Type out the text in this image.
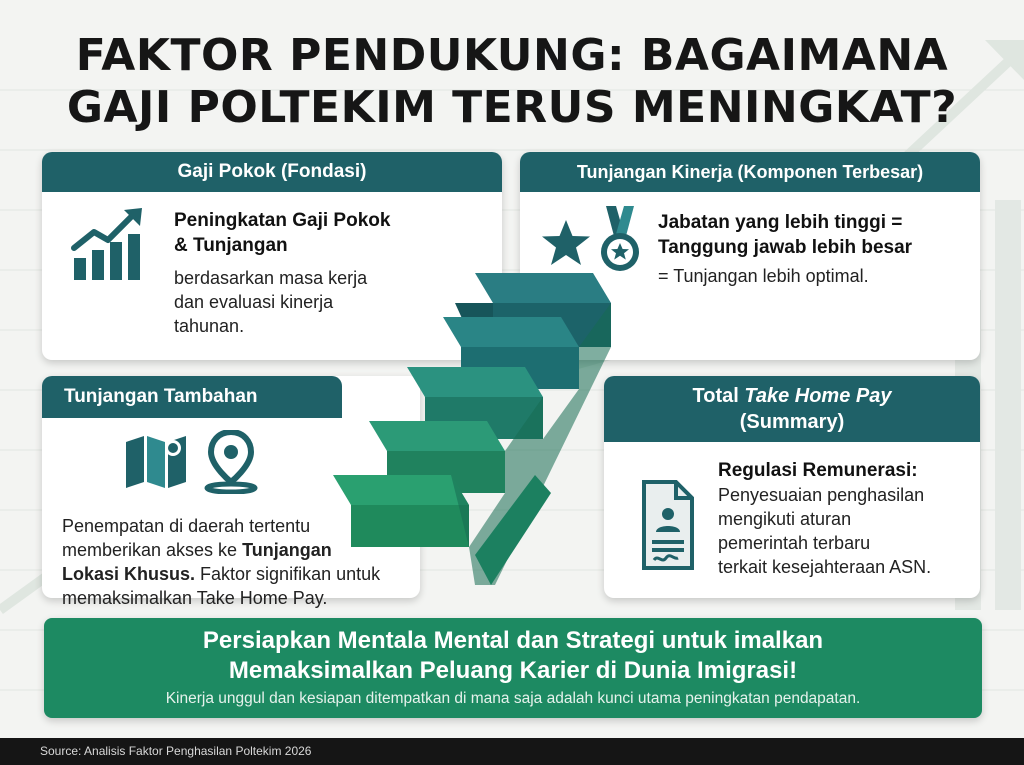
FAKTOR PENDUKUNG: BAGAIMANA
GAJI POLTEKIM TERUS MENINGKAT?
Gaji Pokok (Fondasi)
Peningkatan Gaji Pokok
& Tunjangan
berdasarkan masa kerja
dan evaluasi kinerja
tahunan.
Tunjangan Kinerja (Komponen Terbesar)
Jabatan yang lebih tinggi =
Tanggung jawab lebih besar
= Tunjangan lebih optimal.
Tunjangan Tambahan
Penempatan di daerah tertentu
memberikan akses ke Tunjangan
Lokasi Khusus. Faktor signifikan untuk
memaksimalkan Take Home Pay.
Total Take Home Pay
(Summary)
Regulasi Remunerasi:
Penyesuaian penghasilan
mengikuti aturan
pemerintah terbaru
terkait kesejahteraan ASN.
Persiapkan Mentala Mental dan Strategi untuk imalkan
Memaksimalkan Peluang Karier di Dunia Imigrasi!
Kinerja unggul dan kesiapan ditempatkan di mana saja adalah kunci utama peningkatan pendapatan.
Source: Analisis Faktor Penghasilan Poltekim 2026
